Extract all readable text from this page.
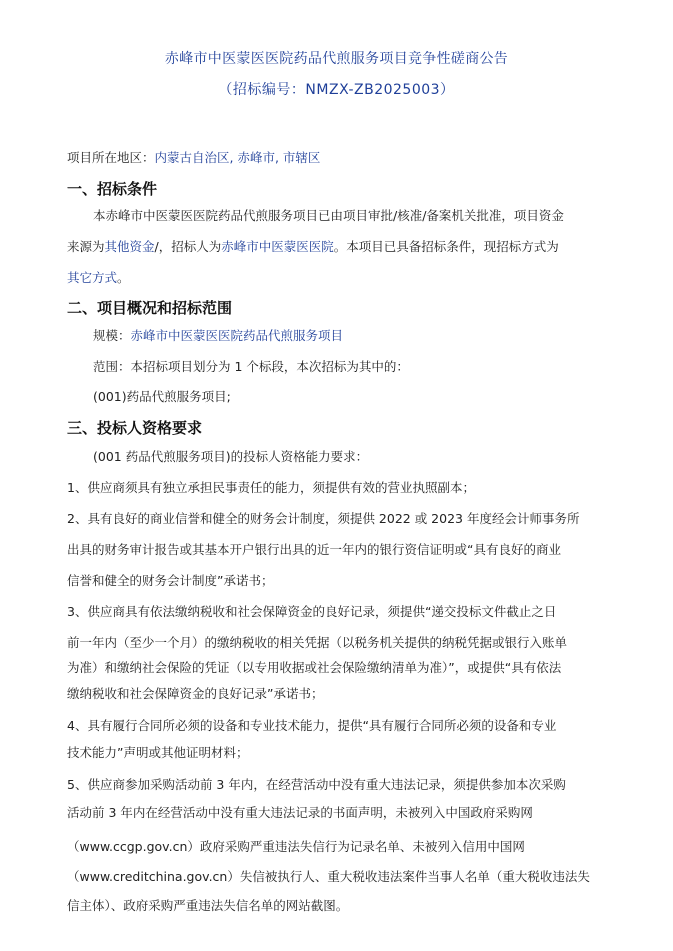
赤峰市中医蒙医医院药品代煎服务项目竞争性磋商公告
（招标编号：NMZX-ZB2025003）
项目所在地区：内蒙古自治区, 赤峰市, 市辖区
一、招标条件
本赤峰市中医蒙医医院药品代煎服务项目已由项目审批/核准/备案机关批准，项目资金
来源为其他资金/，招标人为赤峰市中医蒙医医院。本项目已具备招标条件，现招标方式为
其它方式。
二、项目概况和招标范围
规模：赤峰市中医蒙医医院药品代煎服务项目
范围：本招标项目划分为 1 个标段，本次招标为其中的：
(001)药品代煎服务项目;
三、投标人资格要求
(001 药品代煎服务项目)的投标人资格能力要求：
1、供应商须具有独立承担民事责任的能力，须提供有效的营业执照副本；
2、具有良好的商业信誉和健全的财务会计制度，须提供 2022 或 2023 年度经会计师事务所
出具的财务审计报告或其基本开户银行出具的近一年内的银行资信证明或“具有良好的商业
信誉和健全的财务会计制度”承诺书；
3、供应商具有依法缴纳税收和社会保障资金的良好记录，须提供“递交投标文件截止之日
前一年内（至少一个月）的缴纳税收的相关凭据（以税务机关提供的纳税凭据或银行入账单
为准）和缴纳社会保险的凭证（以专用收据或社会保险缴纳清单为准）”，或提供“具有依法
缴纳税收和社会保障资金的良好记录”承诺书；
4、具有履行合同所必须的设备和专业技术能力，提供“具有履行合同所必须的设备和专业
技术能力”声明或其他证明材料；
5、供应商参加采购活动前 3 年内，在经营活动中没有重大违法记录，须提供参加本次采购
活动前 3 年内在经营活动中没有重大违法记录的书面声明，未被列入中国政府采购网
（www.ccgp.gov.cn）政府采购严重违法失信行为记录名单、未被列入信用中国网
（www.creditchina.gov.cn）失信被执行人、重大税收违法案件当事人名单（重大税收违法失
信主体）、政府采购严重违法失信名单的网站截图。
